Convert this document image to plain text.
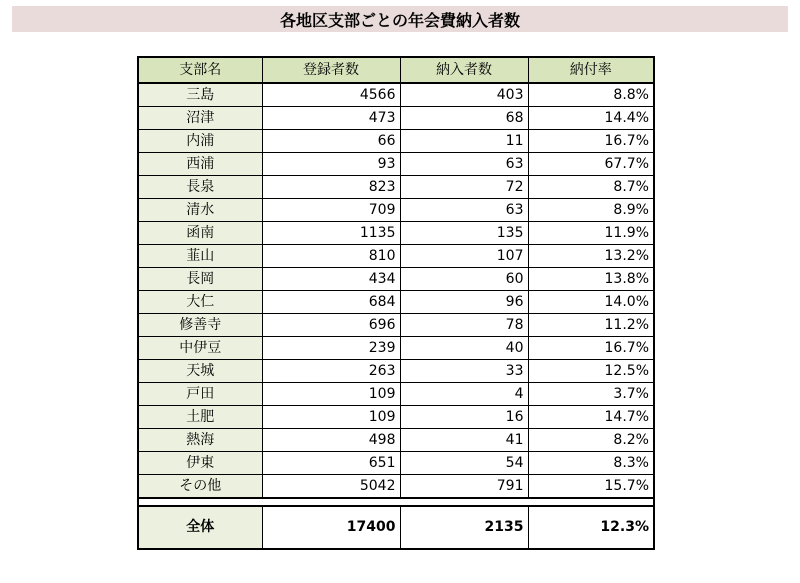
各地区支部ごとの年会費納入者数
支部名	登録者数	納入者数	納付率
三島	4566	403	8.8%
沼津	473	68	14.4%
内浦	66	11	16.7%
西浦	93	63	67.7%
長泉	823	72	8.7%
清水	709	63	8.9%
函南	1135	135	11.9%
韮山	810	107	13.2%
長岡	434	60	13.8%
大仁	684	96	14.0%
修善寺	696	78	11.2%
中伊豆	239	40	16.7%
天城	263	33	12.5%
戸田	109	4	3.7%
土肥	109	16	14.7%
熱海	498	41	8.2%
伊東	651	54	8.3%
その他	5042	791	15.7%

全体	17400	2135	12.3%
